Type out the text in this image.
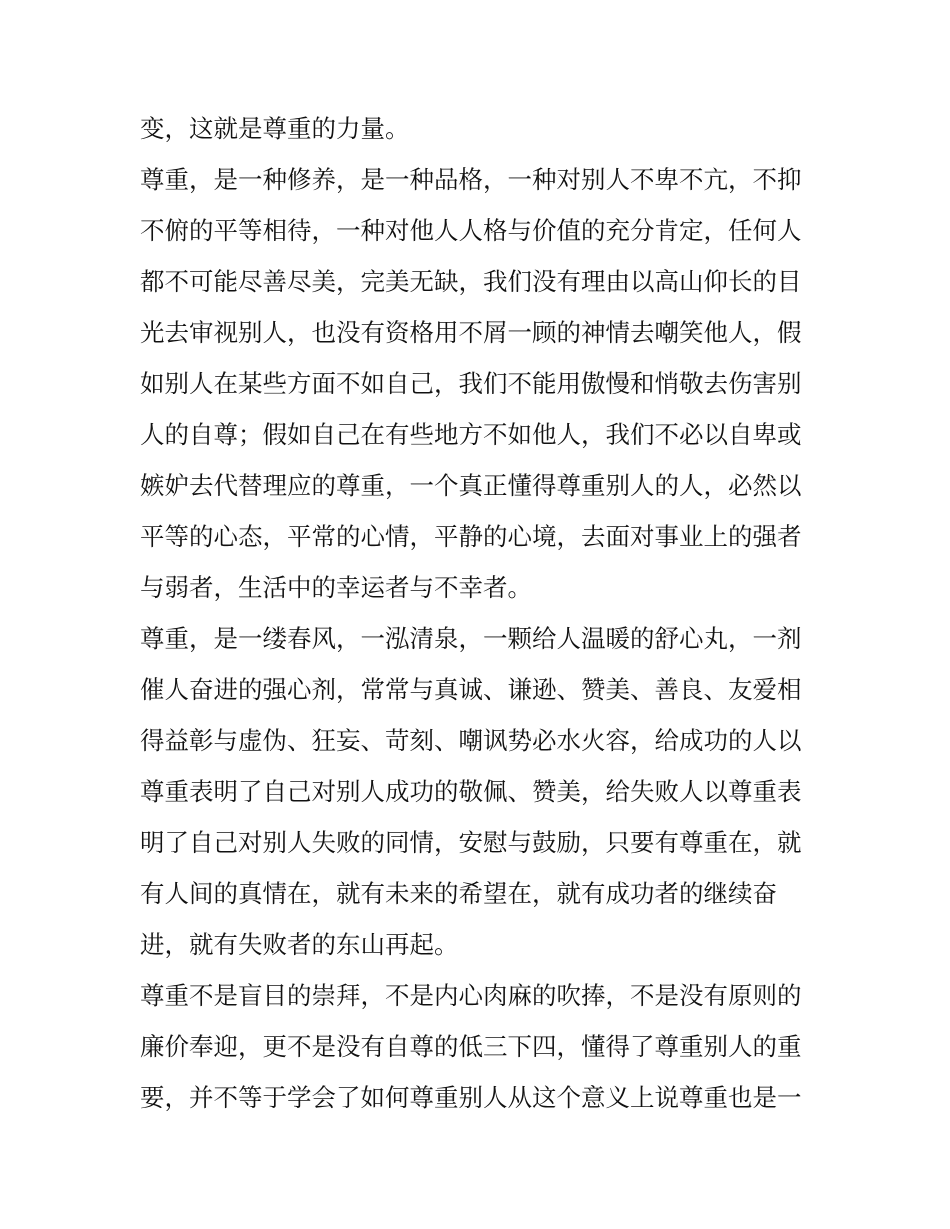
变，这就是尊重的力量。
尊重，是一种修养，是一种品格，一种对别人不卑不亢，不抑
不俯的平等相待，一种对他人人格与价值的充分肯定，任何人
都不可能尽善尽美，完美无缺，我们没有理由以高山仰长的目
光去审视别人，也没有资格用不屑一顾的神情去嘲笑他人，假
如别人在某些方面不如自己，我们不能用傲慢和悄敬去伤害别
人的自尊；假如自己在有些地方不如他人，我们不必以自卑或
嫉妒去代替理应的尊重，一个真正懂得尊重别人的人，必然以
平等的心态，平常的心情，平静的心境，去面对事业上的强者
与弱者，生活中的幸运者与不幸者。
尊重，是一缕春风，一泓清泉，一颗给人温暖的舒心丸，一剂
催人奋进的强心剂，常常与真诚、谦逊、赞美、善良、友爱相
得益彰与虚伪、狂妄、苛刻、嘲讽势必水火容，给成功的人以
尊重表明了自己对别人成功的敬佩、赞美，给失败人以尊重表
明了自己对别人失败的同情，安慰与鼓励，只要有尊重在，就
有人间的真情在，就有未来的希望在，就有成功者的继续奋
进，就有失败者的东山再起。
尊重不是盲目的崇拜，不是内心肉麻的吹捧，不是没有原则的
廉价奉迎，更不是没有自尊的低三下四，懂得了尊重别人的重
要，并不等于学会了如何尊重别人从这个意义上说尊重也是一
